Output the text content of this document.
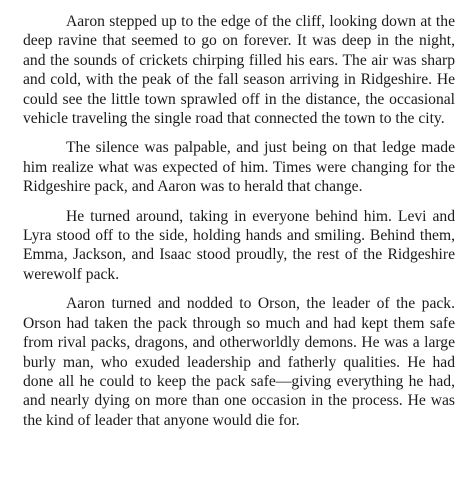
Aaron stepped up to the edge of the cliff, looking down at the deep ravine that seemed to go on forever. It was deep in the night, and the sounds of crickets chirping filled his ears. The air was sharp and cold, with the peak of the fall season arriving in Ridgeshire. He could see the little town sprawled off in the distance, the occasional vehicle traveling the single road that connected the town to the city.

The silence was palpable, and just being on that ledge made him realize what was expected of him. Times were changing for the Ridgeshire pack, and Aaron was to herald that change.

He turned around, taking in everyone behind him. Levi and Lyra stood off to the side, holding hands and smiling. Behind them, Emma, Jackson, and Isaac stood proudly, the rest of the Ridgeshire werewolf pack.

Aaron turned and nodded to Orson, the leader of the pack. Orson had taken the pack through so much and had kept them safe from rival packs, dragons, and otherworldly demons. He was a large burly man, who exuded leadership and fatherly qualities. He had done all he could to keep the pack safe—giving everything he had, and nearly dying on more than one occasion in the process. He was the kind of leader that anyone would die for.
